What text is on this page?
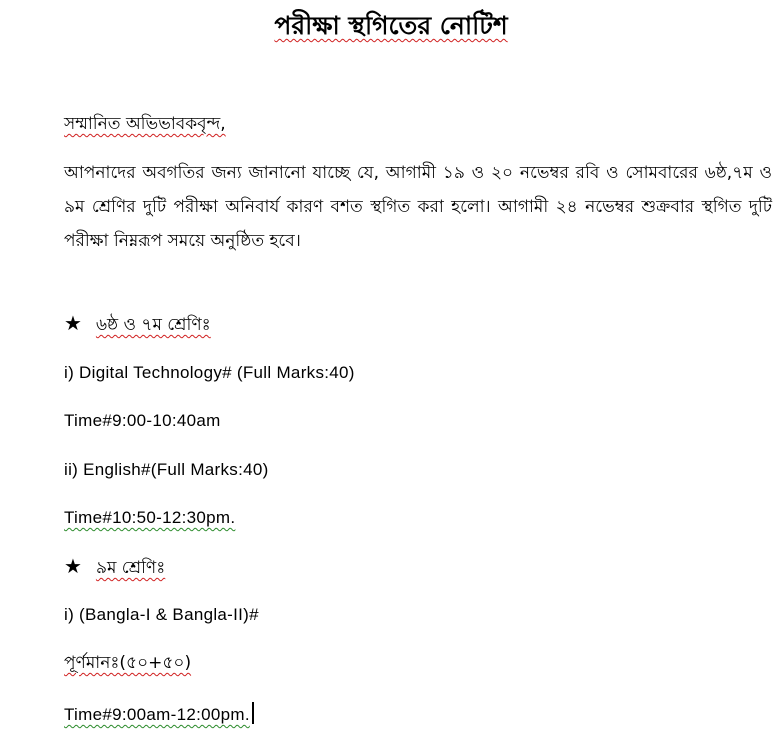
পরীক্ষা স্থগিতের নোটিশ
সম্মানিত অভিভাবকবৃন্দ,
আপনাদের অবগতির জন্য জানানো যাচ্ছে যে, আগামী ১৯ ও ২০ নভেম্বর রবি ও সোমবারের ৬ষ্ঠ,৭ম ও ৯ম শ্রেণির দুটি পরীক্ষা অনিবার্য কারণ বশত স্থগিত করা হলো। আগামী ২৪ নভেম্বর শুক্রবার স্থগিত দুটি পরীক্ষা নিম্নরূপ সময়ে অনুষ্ঠিত হবে।
★ ৬ষ্ঠ ও ৭ম শ্রেণিঃ
i) Digital Technology# (Full Marks:40)
Time#9:00-10:40am
ii) English#(Full Marks:40)
Time#10:50-12:30pm.
★ ৯ম শ্রেণিঃ
i) (Bangla-I & Bangla-II)#
পূর্ণমানঃ(৫০+৫০)
Time#9:00am-12:00pm.
